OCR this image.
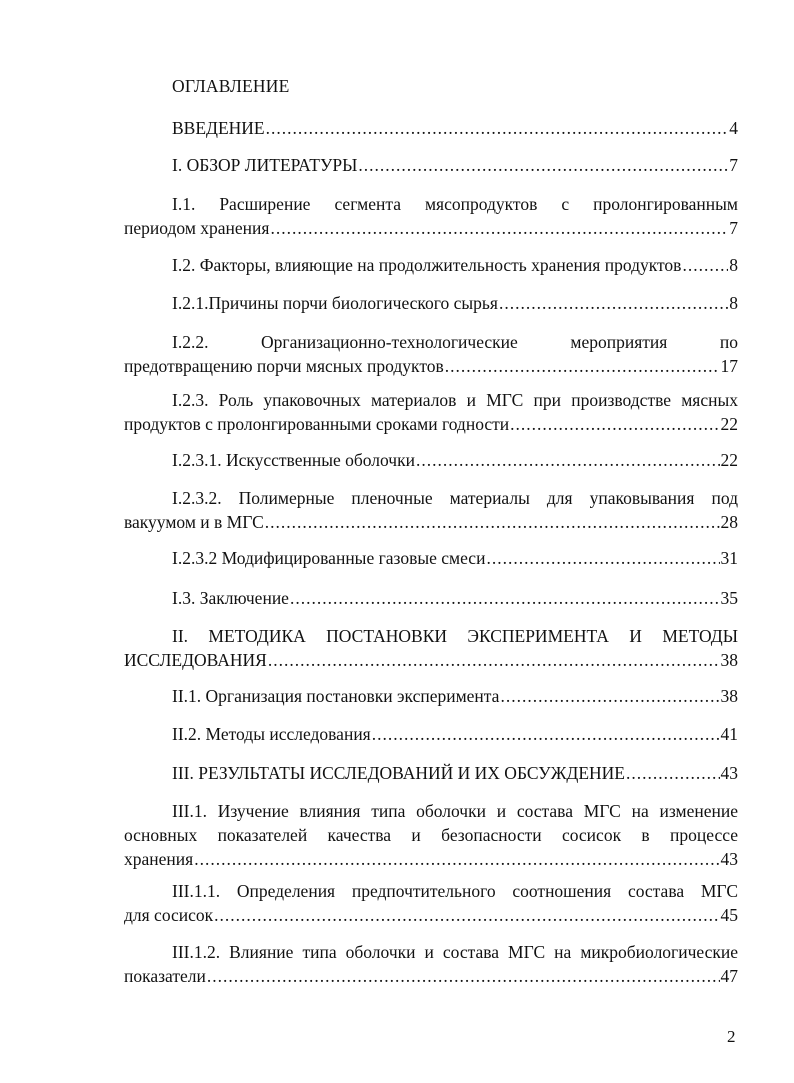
ОГЛАВЛЕНИЕ
ВВЕДЕНИЕ .....	4
I. ОБЗОР ЛИТЕРАТУРЫ .....	7
I.1. Расширение сегмента мясопродуктов с пролонгированным
периодом хранения .....	7
I.2. Факторы, влияющие на продолжительность хранения продуктов .....	8
I.2.1.Причины порчи биологического сырья .....	8
I.2.2. Организационно-технологические мероприятия по
предотвращению порчи мясных продуктов .....	17
I.2.3. Роль упаковочных материалов и МГС при производстве мясных
продуктов с пролонгированными сроками годности .....	22
I.2.3.1. Искусственные оболочки .....	22
I.2.3.2. Полимерные пленочные материалы для упаковывания под
вакуумом и в МГС .....	28
I.2.3.2 Модифицированные газовые смеси .....	31
I.3. Заключение .....	35
II. МЕТОДИКА ПОСТАНОВКИ ЭКСПЕРИМЕНТА И МЕТОДЫ
ИССЛЕДОВАНИЯ .....	38
II.1. Организация постановки эксперимента .....	38
II.2. Методы исследования .....	41
III. РЕЗУЛЬТАТЫ ИССЛЕДОВАНИЙ И ИХ ОБСУЖДЕНИЕ .....	43
III.1. Изучение влияния типа оболочки и состава МГС на изменение
основных показателей качества и безопасности сосисок в процессе
хранения .....	43
III.1.1. Определения предпочтительного соотношения состава МГС
для сосисок .....	45
III.1.2. Влияние типа оболочки и состава МГС на микробиологические
показатели .....	47
2
